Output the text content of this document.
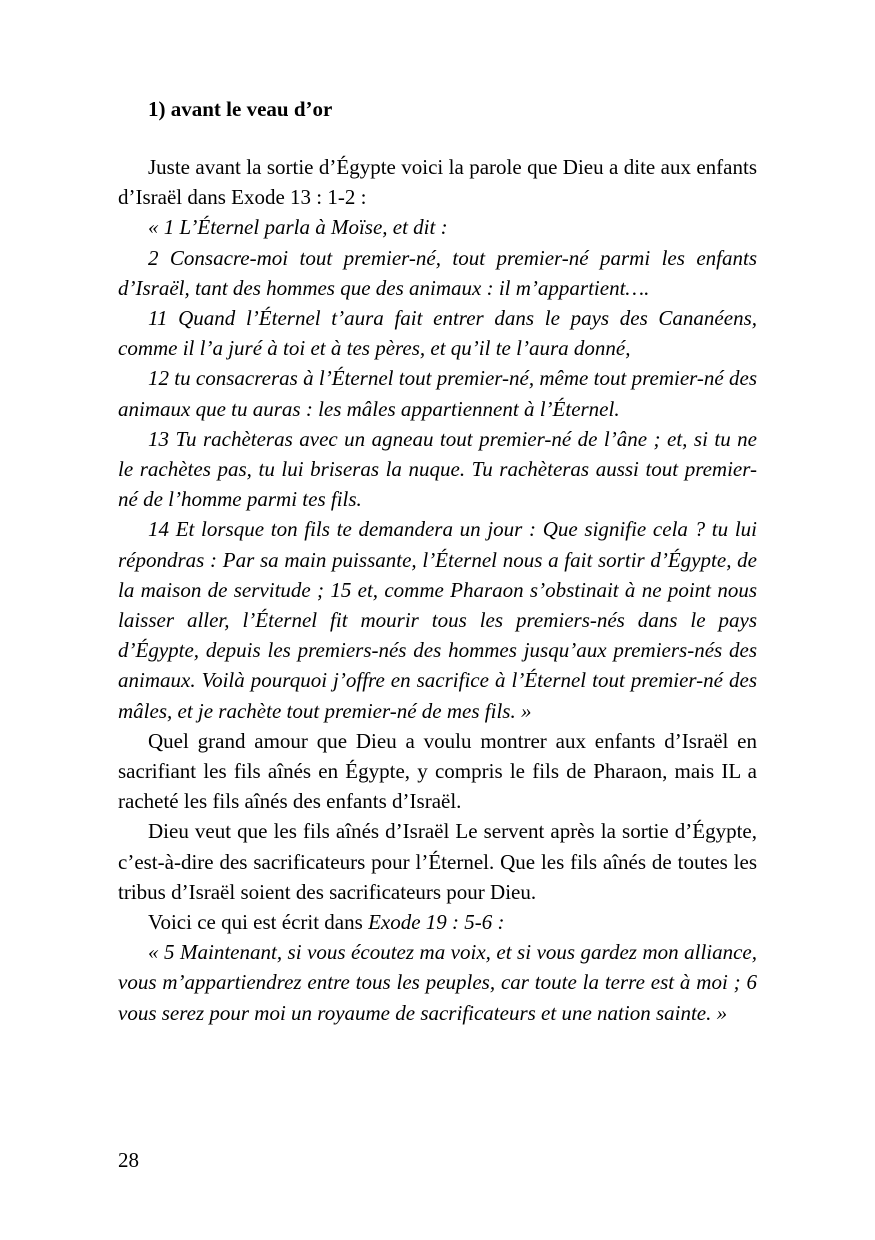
1) avant le veau d’or

Juste avant la sortie d’Égypte voici la parole que Dieu a dite aux enfants d’Israël dans Exode 13 : 1-2 :

« 1 L’Éternel parla à Moïse, et dit :

2 Consacre-moi tout premier-né, tout premier-né parmi les enfants d’Israël, tant des hommes que des animaux : il m’appartient….

11 Quand l’Éternel t’aura fait entrer dans le pays des Cananéens, comme il l’a juré à toi et à tes pères, et qu’il te l’aura donné,

12 tu consacreras à l’Éternel tout premier-né, même tout premier-né des animaux que tu auras : les mâles appartiennent à l’Éternel.

13 Tu rachèteras avec un agneau tout premier-né de l’âne ; et, si tu ne le rachètes pas, tu lui briseras la nuque. Tu rachèteras aussi tout premier-né de l’homme parmi tes fils.

14 Et lorsque ton fils te demandera un jour : Que signifie cela ? tu lui répondras : Par sa main puissante, l’Éternel nous a fait sortir d’Égypte, de la maison de servitude ; 15 et, comme Pharaon s’obstinait à ne point nous laisser aller, l’Éternel fit mourir tous les premiers-nés dans le pays d’Égypte, depuis les premiers-nés des hommes jusqu’aux premiers-nés des animaux. Voilà pourquoi j’offre en sacrifice à l’Éternel tout premier-né des mâles, et je rachète tout premier-né de mes fils. »

Quel grand amour que Dieu a voulu montrer aux enfants d’Israël en sacrifiant les fils aînés en Égypte, y compris le fils de Pharaon, mais IL a racheté les fils aînés des enfants d’Israël.

Dieu veut que les fils aînés d’Israël Le servent après la sortie d’Égypte, c’est-à-dire des sacrificateurs pour l’Éternel. Que les fils aînés de toutes les tribus d’Israël soient des sacrificateurs pour Dieu.

Voici ce qui est écrit dans Exode 19 : 5-6 :

« 5 Maintenant, si vous écoutez ma voix, et si vous gardez mon alliance, vous m’appartiendrez entre tous les peuples, car toute la terre est à moi ; 6 vous serez pour moi un royaume de sacrificateurs et une nation sainte. »

28
